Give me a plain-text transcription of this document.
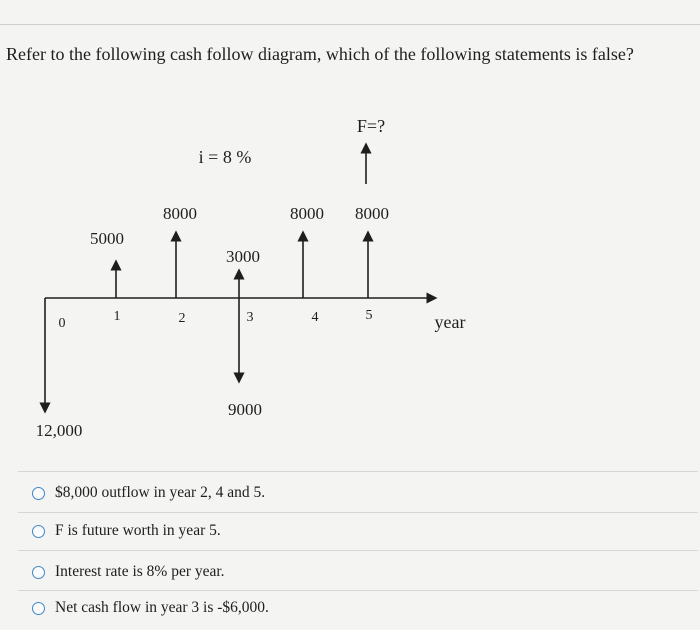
Refer to the following cash follow diagram, which of the following statements is false?
0	1	2	3	4	5	year
12,000
5000
8000
i = 8 %
3000
9000
8000 8000
F=?
$8,000 outflow in year 2, 4 and 5.
F is future worth in year 5.
Interest rate is 8% per year.
Net cash flow in year 3 is -$6,000.
